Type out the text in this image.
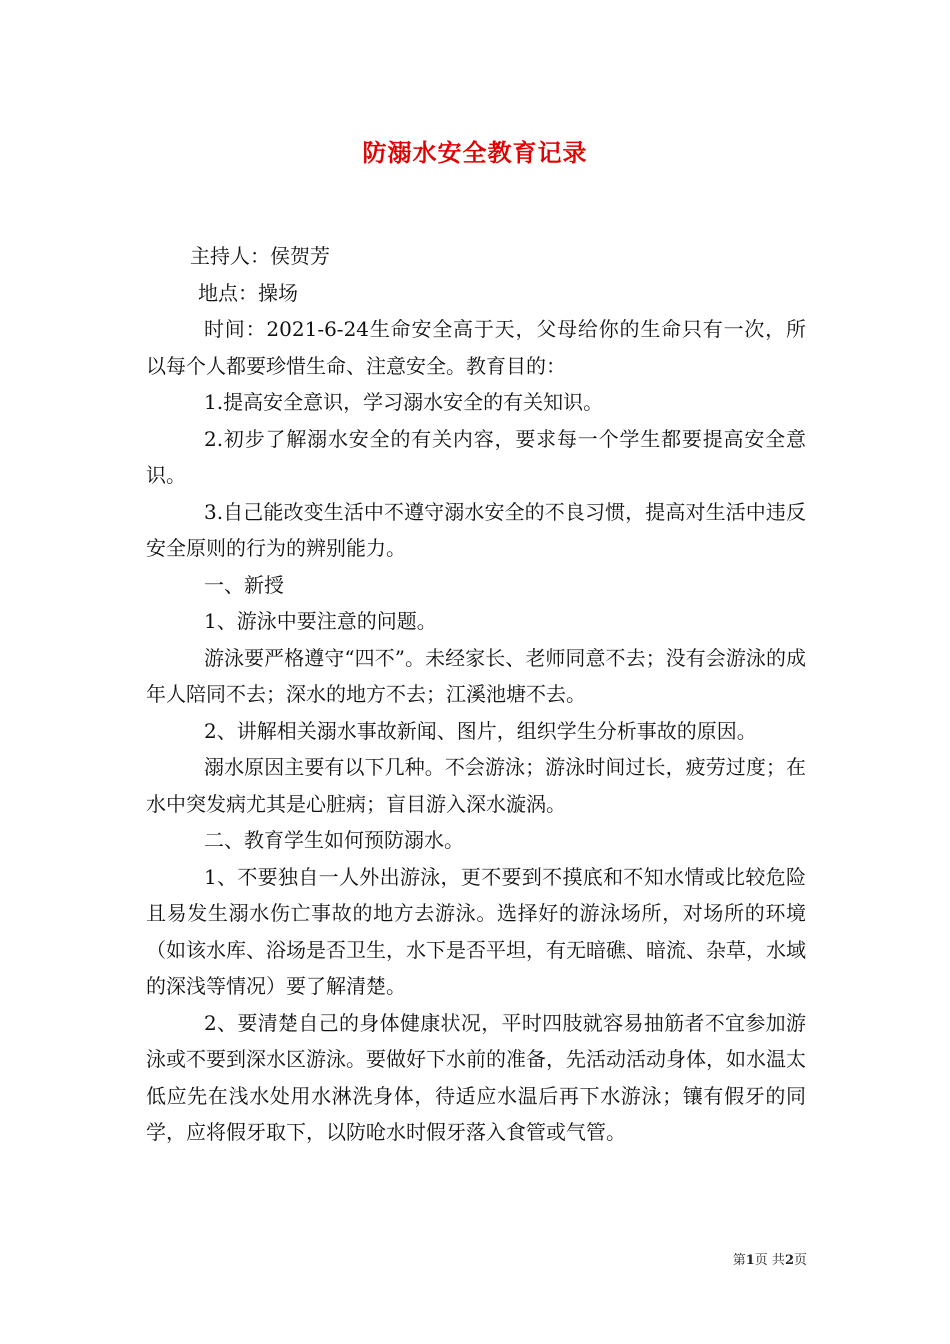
防溺水安全教育记录

主持人：侯贺芳

地点：操场

时间：2021-6-24生命安全高于天，父母给你的生命只有一次，所以每个人都要珍惜生命、注意安全。教育目的：

1.提高安全意识，学习溺水安全的有关知识。

2.初步了解溺水安全的有关内容，要求每一个学生都要提高安全意识。

3.自己能改变生活中不遵守溺水安全的不良习惯，提高对生活中违反安全原则的行为的辨别能力。

一、新授

1、游泳中要注意的问题。

游泳要严格遵守“四不”。未经家长、老师同意不去；没有会游泳的成年人陪同不去；深水的地方不去；江溪池塘不去。

2、讲解相关溺水事故新闻、图片，组织学生分析事故的原因。

溺水原因主要有以下几种。不会游泳；游泳时间过长，疲劳过度；在水中突发病尤其是心脏病；盲目游入深水漩涡。

二、教育学生如何预防溺水。

1、不要独自一人外出游泳，更不要到不摸底和不知水情或比较危险且易发生溺水伤亡事故的地方去游泳。选择好的游泳场所，对场所的环境（如该水库、浴场是否卫生，水下是否平坦，有无暗礁、暗流、杂草，水域的深浅等情况）要了解清楚。

2、要清楚自己的身体健康状况，平时四肢就容易抽筋者不宜参加游泳或不要到深水区游泳。要做好下水前的准备，先活动活动身体，如水温太低应先在浅水处用水淋洗身体，待适应水温后再下水游泳；镶有假牙的同学，应将假牙取下，以防呛水时假牙落入食管或气管。

第1页 共2页
